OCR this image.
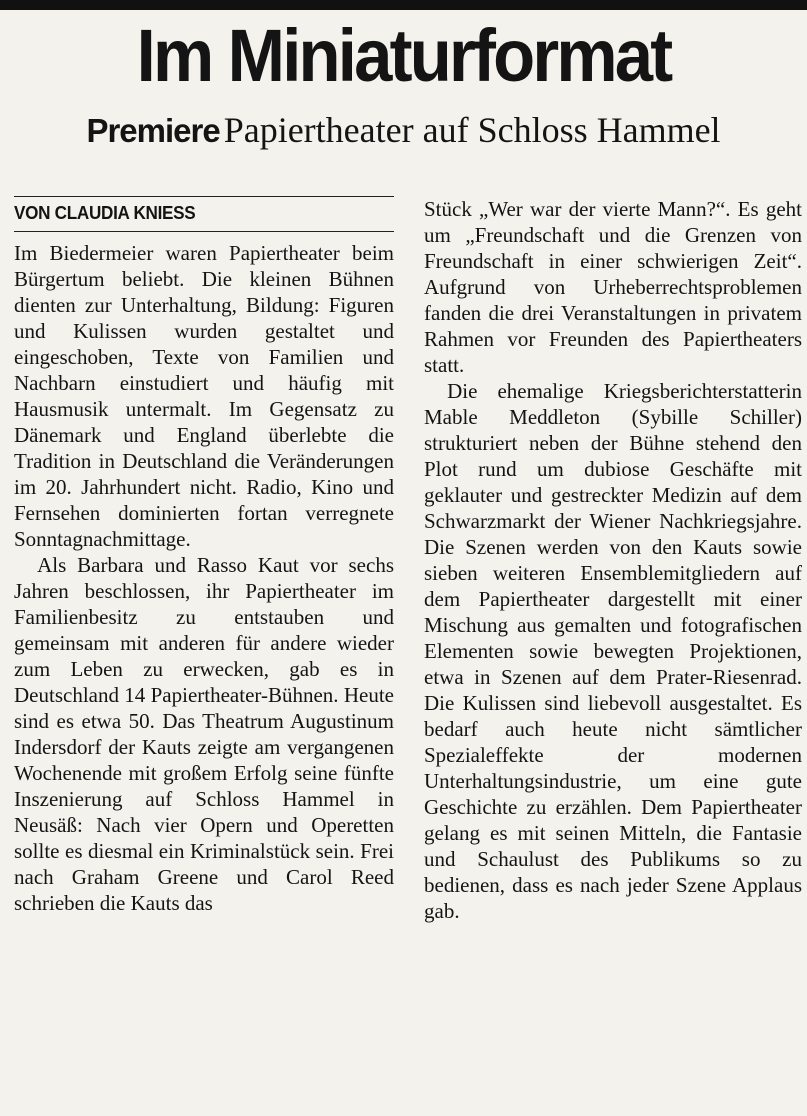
Im Miniaturformat
Premiere Papiertheater auf Schloss Hammel
VON CLAUDIA KNIESS

Im Biedermeier waren Papiertheater beim Bürgertum beliebt. Die kleinen Bühnen dienten zur Unterhaltung, Bildung: Figuren und Kulissen wurden gestaltet und eingeschoben, Texte von Familien und Nachbarn einstudiert und häufig mit Hausmusik untermalt. Im Gegensatz zu Dänemark und England überlebte die Tradition in Deutschland die Veränderungen im 20. Jahrhundert nicht. Radio, Kino und Fernsehen dominierten fortan verregnete Sonntagnachmittage.

Als Barbara und Rasso Kaut vor sechs Jahren beschlossen, ihr Papiertheater im Familienbesitz zu entstauben und gemeinsam mit anderen für andere wieder zum Leben zu erwecken, gab es in Deutschland 14 Papiertheater-Bühnen. Heute sind es etwa 50. Das Theatrum Augustinum Indersdorf der Kauts zeigte am vergangenen Wochenende mit großem Erfolg seine fünfte Inszenierung auf Schloss Hammel in Neusäß: Nach vier Opern und Operetten sollte es diesmal ein Kriminalstück sein. Frei nach Graham Greene und Carol Reed schrieben die Kauts das

Stück „Wer war der vierte Mann?“. Es geht um „Freundschaft und die Grenzen von Freundschaft in einer schwierigen Zeit“. Aufgrund von Urheberrechtsproblemen fanden die drei Veranstaltungen in privatem Rahmen vor Freunden des Papiertheaters statt.

Die ehemalige Kriegsberichterstatterin Mable Meddleton (Sybille Schiller) strukturiert neben der Bühne stehend den Plot rund um dubiose Geschäfte mit geklauter und gestreckter Medizin auf dem Schwarzmarkt der Wiener Nachkriegsjahre. Die Szenen werden von den Kauts sowie sieben weiteren Ensemblemitgliedern auf dem Papiertheater dargestellt mit einer Mischung aus gemalten und fotografischen Elementen sowie bewegten Projektionen, etwa in Szenen auf dem Prater-Riesenrad. Die Kulissen sind liebevoll ausgestaltet. Es bedarf auch heute nicht sämtlicher Spezialeffekte der modernen Unterhaltungsindustrie, um eine gute Geschichte zu erzählen. Dem Papiertheater gelang es mit seinen Mitteln, die Fantasie und Schaulust des Publikums so zu bedienen, dass es nach jeder Szene Applaus gab.
